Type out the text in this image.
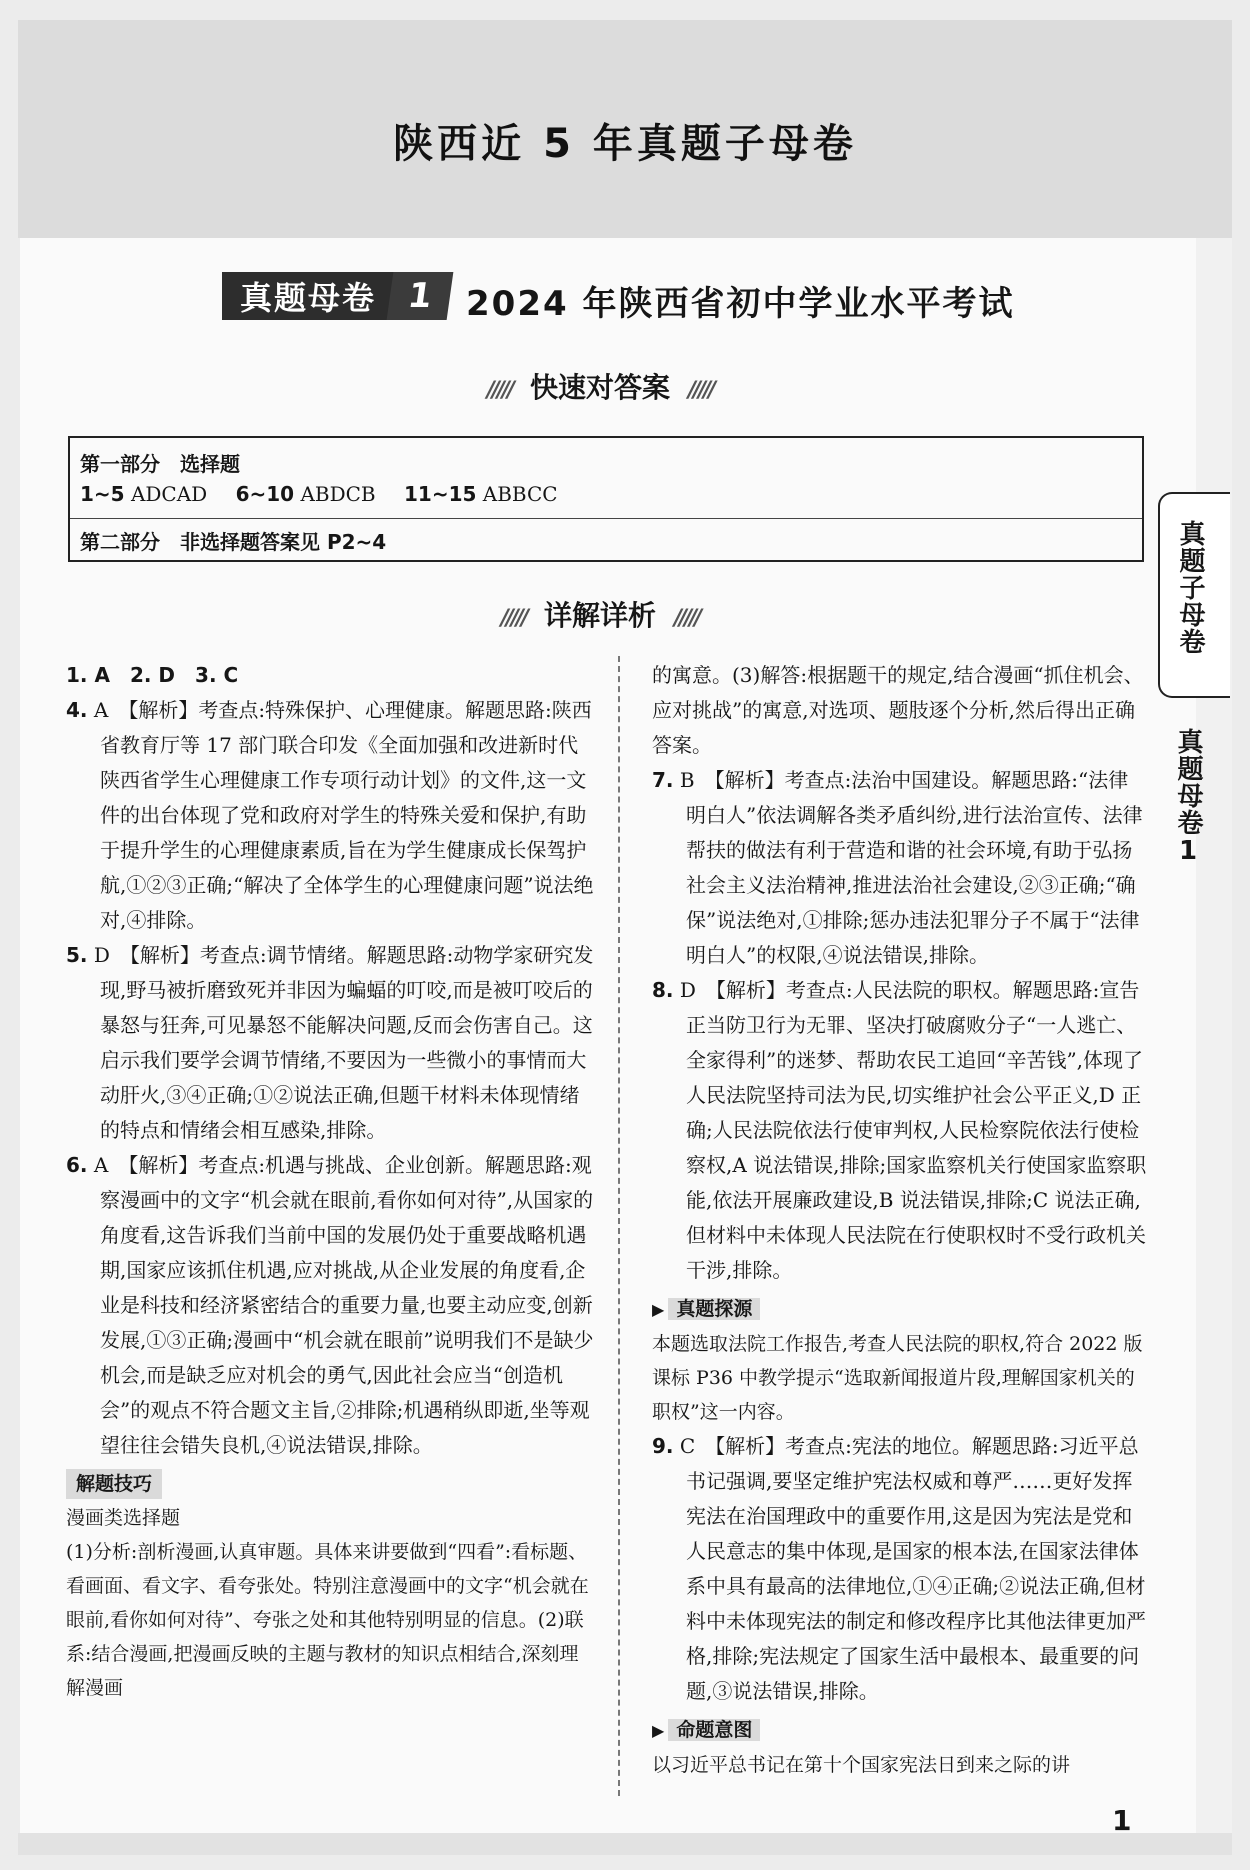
陕西近 5 年真题子母卷
真题母卷 1 2024 年陕西省初中学业水平考试
///// 快速对答案 /////
第一部分　选择题
1~5 ADCAD 6~10 ABDCB 11~15 ABBCC
第二部分　非选择题答案见 P2~4	真题子母卷
真题母卷1
///// 详解详析 /////

1. A　2. D　3. C

4. A　【解析】考查点:特殊保护、心理健康。解题思路:陕西省教育厅等 17 部门联合印发《全面加强和改进新时代陕西省学生心理健康工作专项行动计划》的文件,这一文件的出台体现了党和政府对学生的特殊关爱和保护,有助于提升学生的心理健康素质,旨在为学生健康成长保驾护航,①②③正确;“解决了全体学生的心理健康问题”说法绝对,④排除。

5. D　【解析】考查点:调节情绪。解题思路:动物学家研究发现,野马被折磨致死并非因为蝙蝠的叮咬,而是被叮咬后的暴怒与狂奔,可见暴怒不能解决问题,反而会伤害自己。这启示我们要学会调节情绪,不要因为一些微小的事情而大动肝火,③④正确;①②说法正确,但题干材料未体现情绪的特点和情绪会相互感染,排除。

6. A　【解析】考查点:机遇与挑战、企业创新。解题思路:观察漫画中的文字“机会就在眼前,看你如何对待”,从国家的角度看,这告诉我们当前中国的发展仍处于重要战略机遇期,国家应该抓住机遇,应对挑战,从企业发展的角度看,企业是科技和经济紧密结合的重要力量,也要主动应变,创新发展,①③正确;漫画中“机会就在眼前”说明我们不是缺少机会,而是缺乏应对机会的勇气,因此社会应当“创造机会”的观点不符合题文主旨,②排除;机遇稍纵即逝,坐等观望往往会错失良机,④说法错误,排除。

解题技巧

漫画类选择题

(1)分析:剖析漫画,认真审题。具体来讲要做到“四看”:看标题、看画面、看文字、看夸张处。特别注意漫画中的文字“机会就在眼前,看你如何对待”、夸张之处和其他特别明显的信息。(2)联系:结合漫画,把漫画反映的主题与教材的知识点相结合,深刻理解漫画

的寓意。(3)解答:根据题干的规定,结合漫画“抓住机会、应对挑战”的寓意,对选项、题肢逐个分析,然后得出正确答案。

7. B　【解析】考查点:法治中国建设。解题思路:“法律明白人”依法调解各类矛盾纠纷,进行法治宣传、法律帮扶的做法有利于营造和谐的社会环境,有助于弘扬社会主义法治精神,推进法治社会建设,②③正确;“确保”说法绝对,①排除;惩办违法犯罪分子不属于“法律明白人”的权限,④说法错误,排除。

8. D　【解析】考查点:人民法院的职权。解题思路:宣告正当防卫行为无罪、坚决打破腐败分子“一人逃亡、全家得利”的迷梦、帮助农民工追回“辛苦钱”,体现了人民法院坚持司法为民,切实维护社会公平正义,D 正确;人民法院依法行使审判权,人民检察院依法行使检察权,A 说法错误,排除;国家监察机关行使国家监察职能,依法开展廉政建设,B 说法错误,排除;C 说法正确,但材料中未体现人民法院在行使职权时不受行政机关干涉,排除。

▶ 真题探源

本题选取法院工作报告,考查人民法院的职权,符合 2022 版课标 P36 中教学提示“选取新闻报道片段,理解国家机关的职权”这一内容。

9. C　【解析】考查点:宪法的地位。解题思路:习近平总书记强调,要坚定维护宪法权威和尊严……更好发挥宪法在治国理政中的重要作用,这是因为宪法是党和人民意志的集中体现,是国家的根本法,在国家法律体系中具有最高的法律地位,①④正确;②说法正确,但材料中未体现宪法的制定和修改程序比其他法律更加严格,排除;宪法规定了国家生活中最根本、最重要的问题,③说法错误,排除。

▶ 命题意图

以习近平总书记在第十个国家宪法日到来之际的讲

1
